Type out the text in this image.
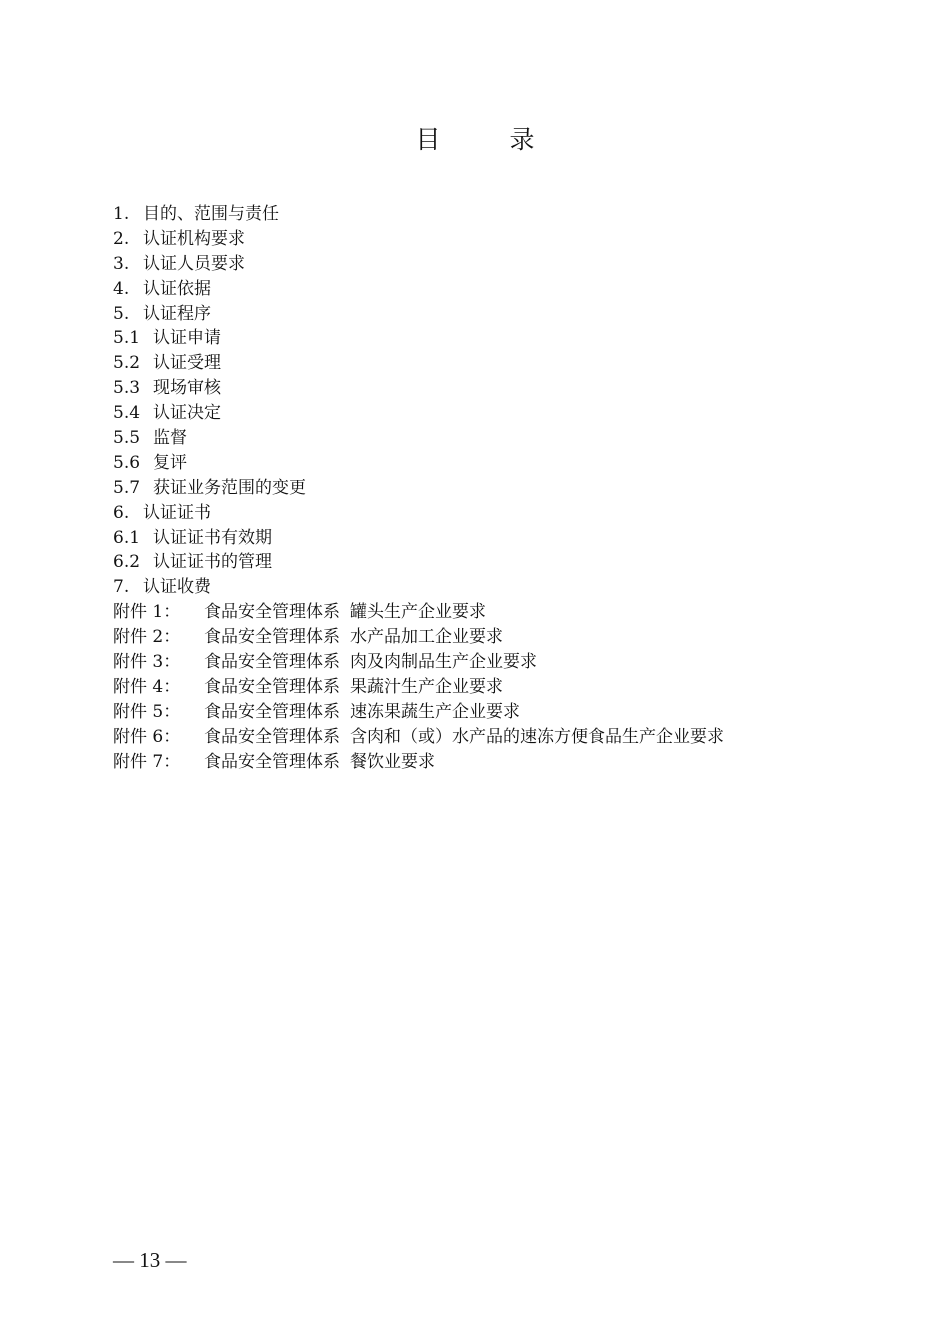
目　录
1. 目的、范围与责任
2. 认证机构要求
3. 认证人员要求
4. 认证依据
5. 认证程序
5.1 认证申请
5.2 认证受理
5.3 现场审核
5.4 认证决定
5.5 监督
5.6 复评
5.7 获证业务范围的变更
6. 认证证书
6.1 认证证书有效期
6.2 认证证书的管理
7. 认证收费
附件 1：	食品安全管理体系 罐头生产企业要求
附件 2：	食品安全管理体系 水产品加工企业要求
附件 3：	食品安全管理体系 肉及肉制品生产企业要求
附件 4：	食品安全管理体系 果蔬汁生产企业要求
附件 5：	食品安全管理体系 速冻果蔬生产企业要求
附件 6：	食品安全管理体系 含肉和（或）水产品的速冻方便食品生产企业要求
附件 7：	食品安全管理体系 餐饮业要求
— 13 —
